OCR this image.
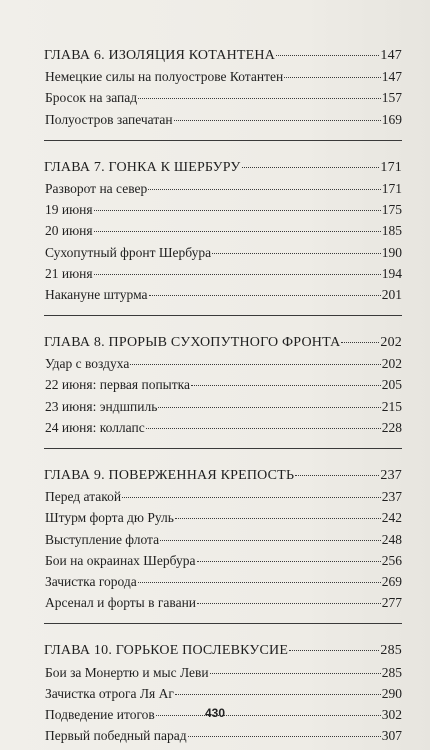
ГЛАВА 6. ИЗОЛЯЦИЯ КОТАНТЕНА	147
Немецкие силы на полуострове Котантен	147
Бросок на запад	157
Полуостров запечатан	169
ГЛАВА 7. ГОНКА К ШЕРБУРУ	171
Разворот на север	171
19 июня	175
20 июня	185
Сухопутный фронт Шербура	190
21 июня	194
Накануне штурма	201
ГЛАВА 8. ПРОРЫВ СУХОПУТНОГО ФРОНТА	202
Удар с воздуха	202
22 июня: первая попытка	205
23 июня: эндшпиль	215
24 июня: коллапс	228
ГЛАВА 9. ПОВЕРЖЕННАЯ КРЕПОСТЬ	237
Перед атакой	237
Штурм форта дю Руль	242
Выступление флота	248
Бои на окраинах Шербура	256
Зачистка города	269
Арсенал и форты в гавани	277
ГЛАВА 10. ГОРЬКОЕ ПОСЛЕВКУСИЕ	285
Бои за Монертю и мыс Леви	285
Зачистка отрога Ля Аг	290
Подведение итогов	302
Первый победный парад	307
430
